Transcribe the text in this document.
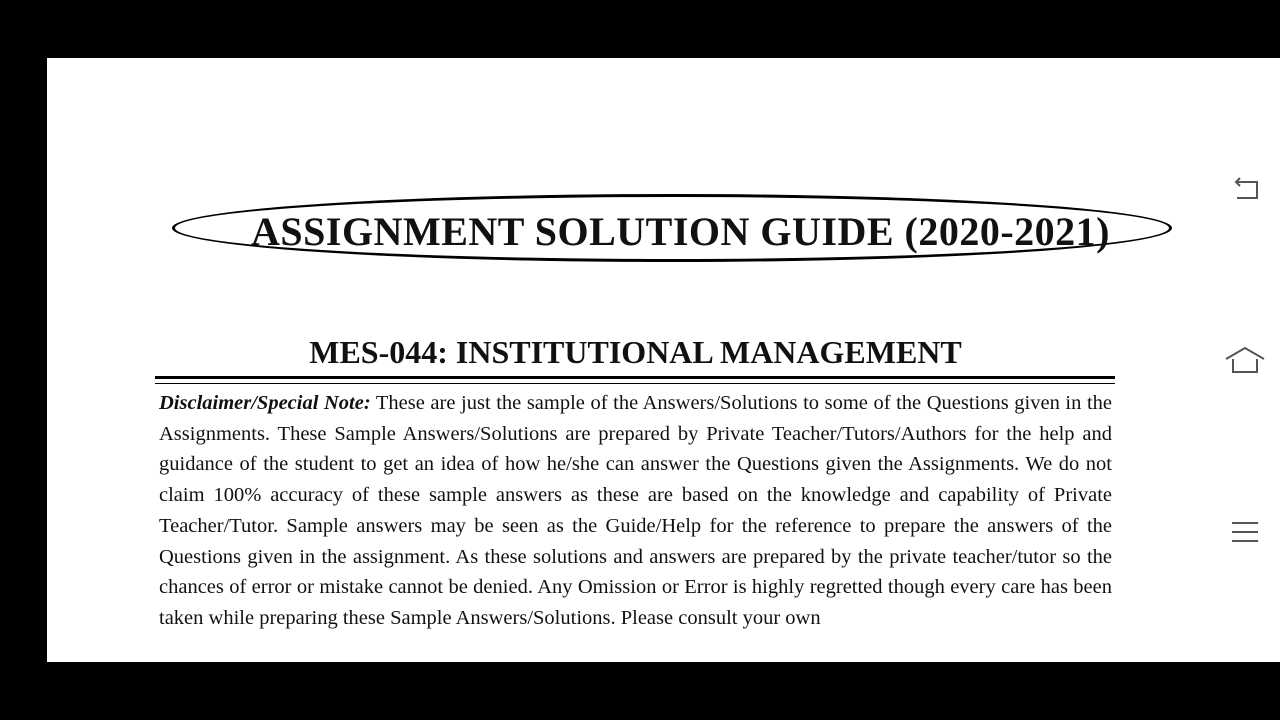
ASSIGNMENT SOLUTION GUIDE (2020-2021)
MES-044: INSTITUTIONAL MANAGEMENT

Disclaimer/Special Note: These are just the sample of the Answers/Solutions to some of the Questions given in the Assignments. These Sample Answers/Solutions are prepared by Private Teacher/Tutors/Authors for the help and guidance of the student to get an idea of how he/she can answer the Questions given the Assignments. We do not claim 100% accuracy of these sample answers as these are based on the knowledge and capability of Private Teacher/Tutor. Sample answers may be seen as the Guide/Help for the reference to prepare the answers of the Questions given in the assignment. As these solutions and answers are prepared by the private teacher/tutor so the chances of error or mistake cannot be denied. Any Omission or Error is highly regretted though every care has been taken while preparing these Sample Answers/Solutions. Please consult your own
